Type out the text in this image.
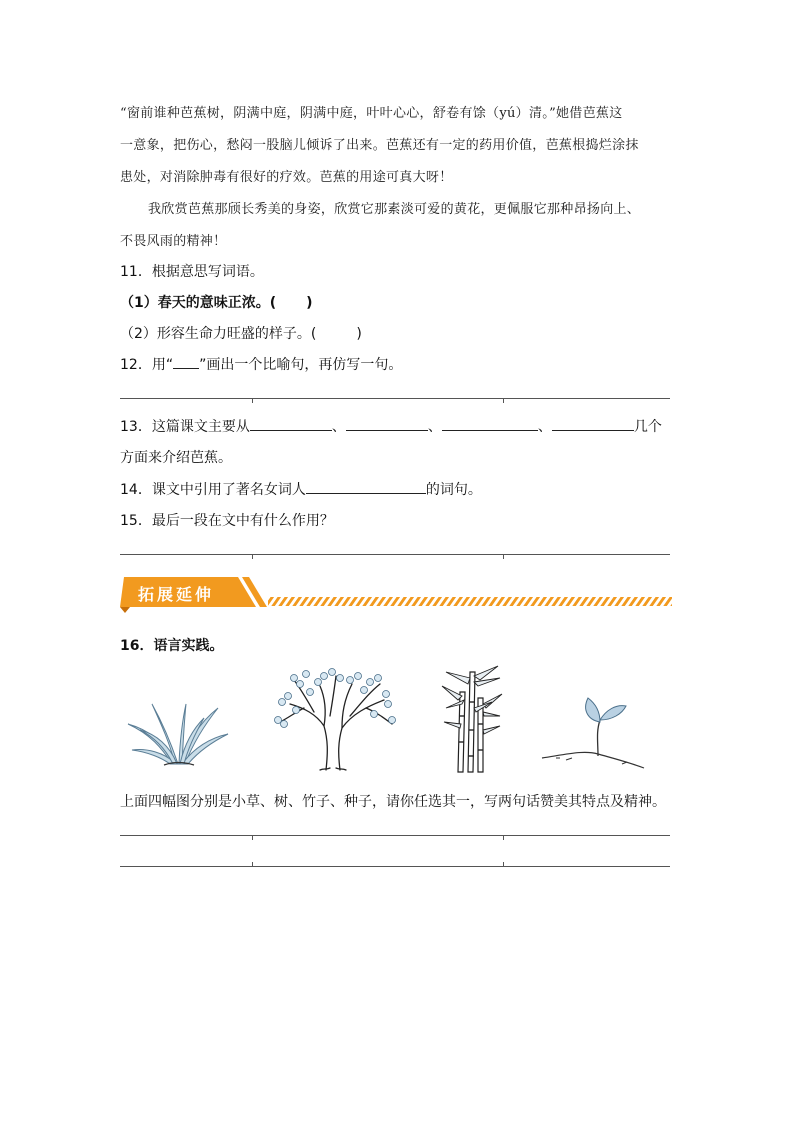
“窗前谁种芭蕉树，阴满中庭，阴满中庭，叶叶心心，舒卷有馀（yú）清。”她借芭蕉这
一意象，把伤心，愁闷一股脑儿倾诉了出来。芭蕉还有一定的药用价值，芭蕉根捣烂涂抹
患处，对消除肿毒有很好的疗效。芭蕉的用途可真大呀！
我欣赏芭蕉那颀长秀美的身姿，欣赏它那素淡可爱的黄花，更佩服它那种昂扬向上、
不畏风雨的精神！
11．根据意思写词语。
（1）春天的意味正浓。( )
（2）形容生命力旺盛的样子。(	)
12．用“ ”画出一个比喻句，再仿写一句。
13．这篇课文主要从	、	、	、	几个
方面来介绍芭蕉。
14．课文中引用了著名女词人	的词句。
15．最后一段在文中有什么作用？
拓展延伸
16．语言实践。
上面四幅图分别是小草、树、竹子、种子，请你任选其一，写两句话赞美其特点及精神。
